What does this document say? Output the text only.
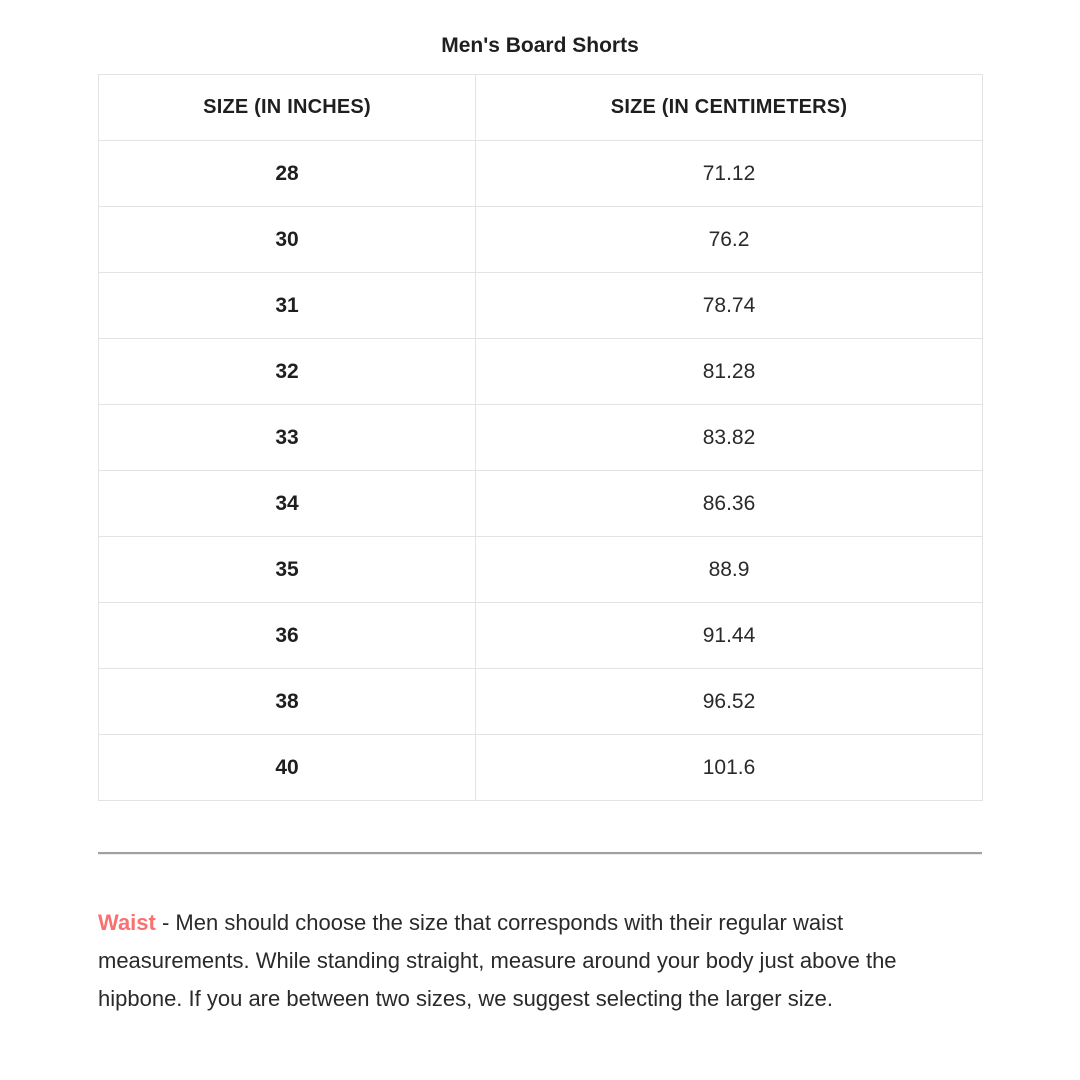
Men's Board Shorts
SIZE (IN INCHES)	SIZE (IN CENTIMETERS)
28	71.12
30	76.2
31	78.74
32	81.28
33	83.82
34	86.36
35	88.9
36	91.44
38	96.52
40	101.6

Waist - Men should choose the size that corresponds with their regular waist measurements. While standing straight, measure around your body just above the hipbone. If you are between two sizes, we suggest selecting the larger size.
